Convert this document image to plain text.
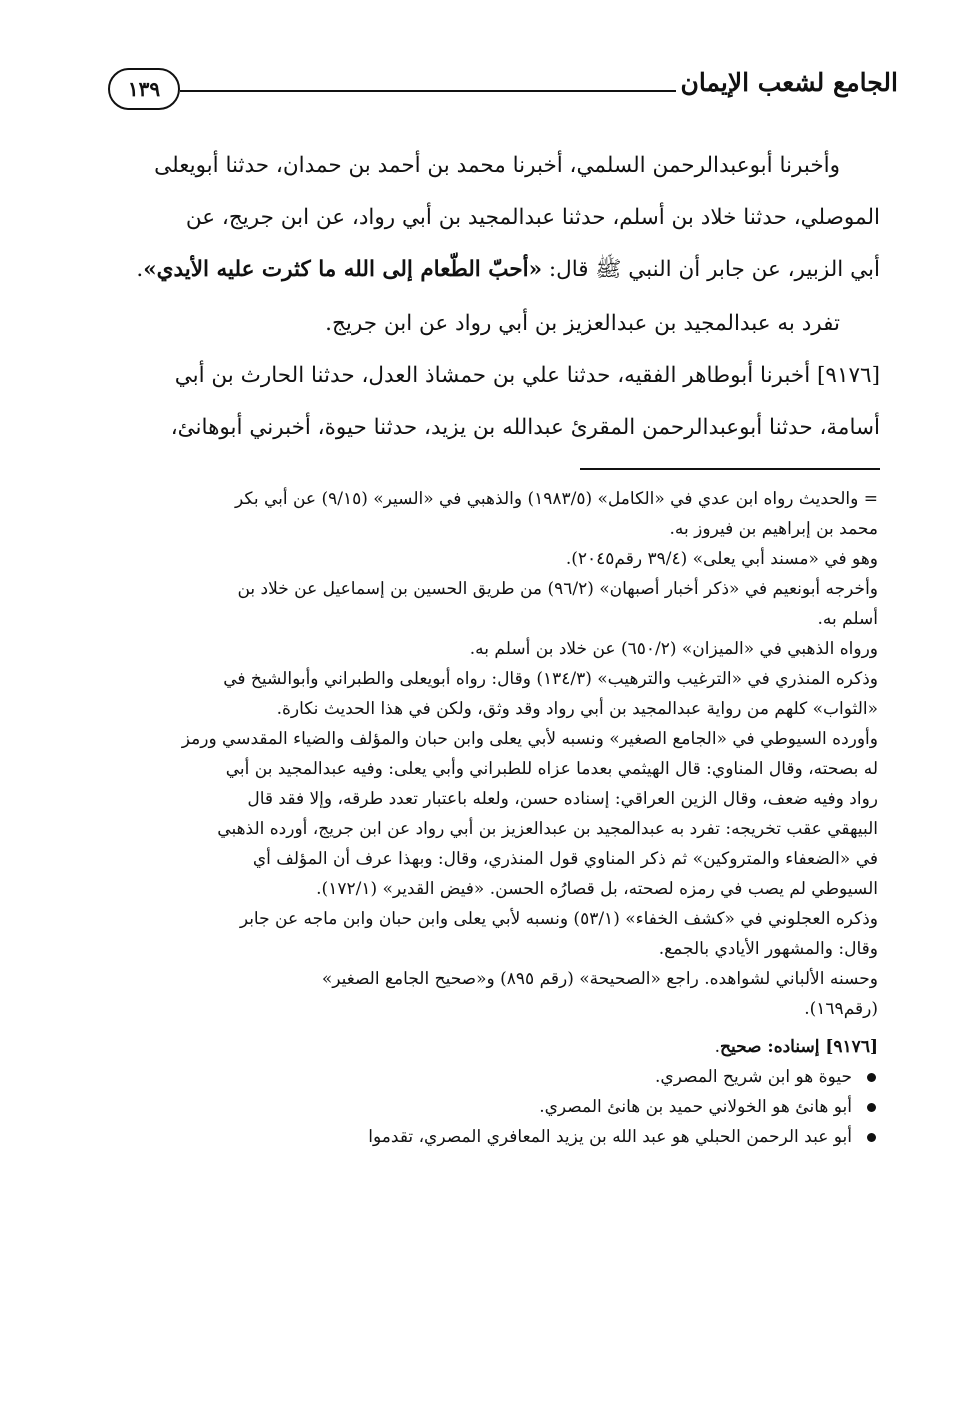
الجامع لشعب الإيمان
١٣٩

وأخبرنا أبوعبدالرحمن السلمي، أخبرنا محمد بن أحمد بن حمدان، حدثنا أبويعلى

الموصلي، حدثنا خلاد بن أسلم، حدثنا عبدالمجيد بن أبي رواد، عن ابن جريج، عن

أبي الزبير، عن جابر أن النبي ﷺ قال: «أحبّ الطّعام إلى الله ما كثرت عليه الأيدي».

تفرد به عبدالمجيد بن عبدالعزيز بن أبي رواد عن ابن جريج.

[٩١٧٦] أخبرنا أبوطاهر الفقيه، حدثنا علي بن حمشاذ العدل، حدثنا الحارث بن أبي

أسامة، حدثنا أبوعبدالرحمن المقرئ عبدالله بن يزيد، حدثنا حيوة، أخبرني أبوهانئ،

= والحديث رواه ابن عدي في «الكامل» (١٩٨٣/٥) والذهبي في «السير» (٩/١٥) عن أبي بكر

محمد بن إبراهيم بن فيروز به.

وهو في «مسند أبي يعلى» (٣٩/٤ رقم٢٠٤٥).

وأخرجه أبونعيم في «ذكر أخبار أصبهان» (٩٦/٢) من طريق الحسين بن إسماعيل عن خلاد بن

أسلم به.

ورواه الذهبي في «الميزان» (٦٥٠/٢) عن خلاد بن أسلم به.

وذكره المنذري في «الترغيب والترهيب» (١٣٤/٣) وقال: رواه أبويعلى والطبراني وأبوالشيخ في

«الثواب» كلهم من رواية عبدالمجيد بن أبي رواد وقد وثق، ولكن في هذا الحديث نكارة.

وأورده السيوطي في «الجامع الصغير» ونسبه لأبي يعلى وابن حبان والمؤلف والضياء المقدسي ورمز

له بصحته، وقال المناوي: قال الهيثمي بعدما عزاه للطبراني وأبي يعلى: وفيه عبدالمجيد بن أبي

رواد وفيه ضعف، وقال الزين العراقي: إسناده حسن، ولعله باعتبار تعدد طرقه، وإلا فقد قال

البيهقي عقب تخريجه: تفرد به عبدالمجيد بن عبدالعزيز بن أبي رواد عن ابن جريج، أورده الذهبي

في «الضعفاء والمتروكين» ثم ذكر المناوي قول المنذري، وقال: وبهذا عرف أن المؤلف أي

السيوطي لم يصب في رمزه لصحته، بل قصارُه الحسن. «فيض القدير» (١٧٢/١).

وذكره العجلوني في «كشف الخفاء» (٥٣/١) ونسبه لأبي يعلى وابن حبان وابن ماجه عن جابر

وقال: والمشهور الأيادي بالجمع.

وحسنه الألباني لشواهده. راجع «الصحيحة» (رقم ٨٩٥) و«صحيح الجامع الصغير»

(رقم١٦٩).

[٩١٧٦] إسناده: صحيح.

حيوة هو ابن شريح المصري.
أبو هانئ هو الخولاني حميد بن هانئ المصري.
أبو عبد الرحمن الحبلي هو عبد الله بن يزيد المعافري المصري، تقدموا
